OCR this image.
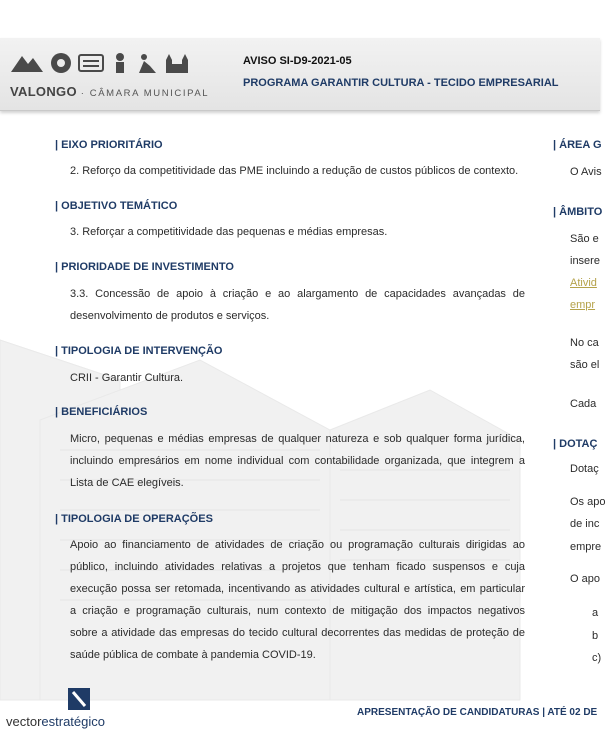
VALONGO · CÂMARA MUNICIPAL
AVISO SI-D9-2021-05
PROGRAMA GARANTIR CULTURA - TECIDO EMPRESARIAL
| EIXO PRIORITÁRIO
2. Reforço da competitividade das PME incluindo a redução de custos públicos de contexto.
| OBJETIVO TEMÁTICO
3. Reforçar a competitividade das pequenas e médias empresas.
| PRIORIDADE DE INVESTIMENTO
3.3. Concessão de apoio à criação e ao alargamento de capacidades avançadas de
desenvolvimento de produtos e serviços.
| TIPOLOGIA DE INTERVENÇÃO
CRII - Garantir Cultura.
| BENEFICIÁRIOS
Micro, pequenas e médias empresas de qualquer natureza e sob qualquer forma jurídica,
incluindo empresários em nome individual com contabilidade organizada, que integrem a
Lista de CAE elegíveis.
| TIPOLOGIA DE OPERAÇÕES
Apoio ao financiamento de atividades de criação ou programação culturais dirigidas ao
público, incluindo atividades relativas a projetos que tenham ficado suspensos e cuja
execução possa ser retomada, incentivando as atividades cultural e artística, em particular
a criação e programação culturais, num contexto de mitigação dos impactos negativos
sobre a atividade das empresas do tecido cultural decorrentes das medidas de proteção de
saúde pública de combate à pandemia COVID-19.
| ÁREA G
O Avis
| ÂMBITO
São e
insere
Ativid
empr
No ca
são el
Cada
| DOTAÇ
Dotaç
Os apo
de inc
empre
O apo
a
b
c)
vectorestratégico
APRESENTAÇÃO DE CANDIDATURAS | ATÉ 02 DE
